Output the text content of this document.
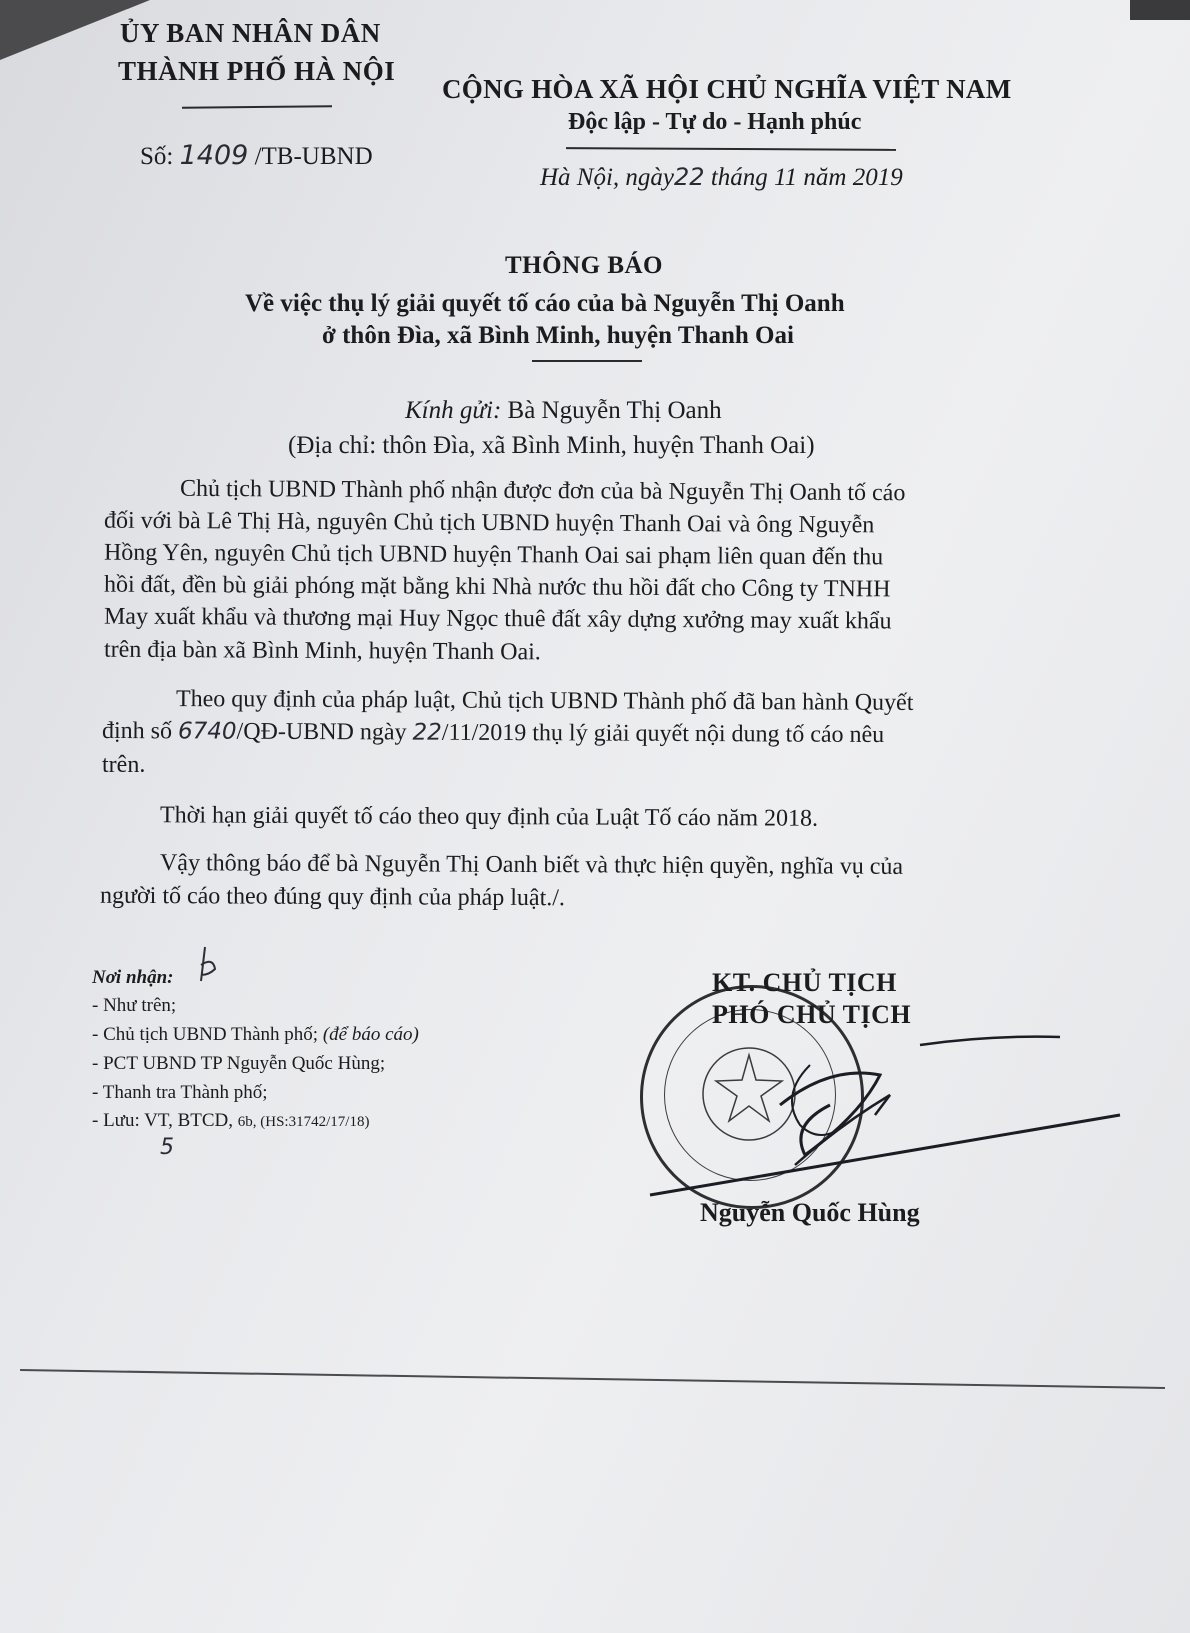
ỦY BAN NHÂN DÂN
THÀNH PHỐ HÀ NỘI
Số: 1409 /TB-UBND
CỘNG HÒA XÃ HỘI CHỦ NGHĨA VIỆT NAM
Độc lập - Tự do - Hạnh phúc
Hà Nội, ngày22 tháng 11 năm 2019
THÔNG BÁO
Về việc thụ lý giải quyết tố cáo của bà Nguyễn Thị Oanh
ở thôn Đìa, xã Bình Minh, huyện Thanh Oai
Kính gửi: Bà Nguyễn Thị Oanh
(Địa chỉ: thôn Đìa, xã Bình Minh, huyện Thanh Oai)
Chủ tịch UBND Thành phố nhận được đơn của bà Nguyễn Thị Oanh tố cáo
đối với bà Lê Thị Hà, nguyên Chủ tịch UBND huyện Thanh Oai và ông Nguyễn
Hồng Yên, nguyên Chủ tịch UBND huyện Thanh Oai sai phạm liên quan đến thu
hồi đất, đền bù giải phóng mặt bằng khi Nhà nước thu hồi đất cho Công ty TNHH
May xuất khẩu và thương mại Huy Ngọc thuê đất xây dựng xưởng may xuất khẩu
trên địa bàn xã Bình Minh, huyện Thanh Oai.
Theo quy định của pháp luật, Chủ tịch UBND Thành phố đã ban hành Quyết
định số 6740/QĐ-UBND ngày 22/11/2019 thụ lý giải quyết nội dung tố cáo nêu
trên.
Thời hạn giải quyết tố cáo theo quy định của Luật Tố cáo năm 2018.
Vậy thông báo để bà Nguyễn Thị Oanh biết và thực hiện quyền, nghĩa vụ của
người tố cáo theo đúng quy định của pháp luật./.
Nơi nhận:
- Như trên;
- Chủ tịch UBND Thành phố; (để báo cáo)
- PCT UBND TP Nguyễn Quốc Hùng;
- Thanh tra Thành phố;
- Lưu: VT, BTCD, 6b, (HS:31742/17/18)
5
KT. CHỦ TỊCH
PHÓ CHỦ TỊCH
Nguyễn Quốc Hùng
